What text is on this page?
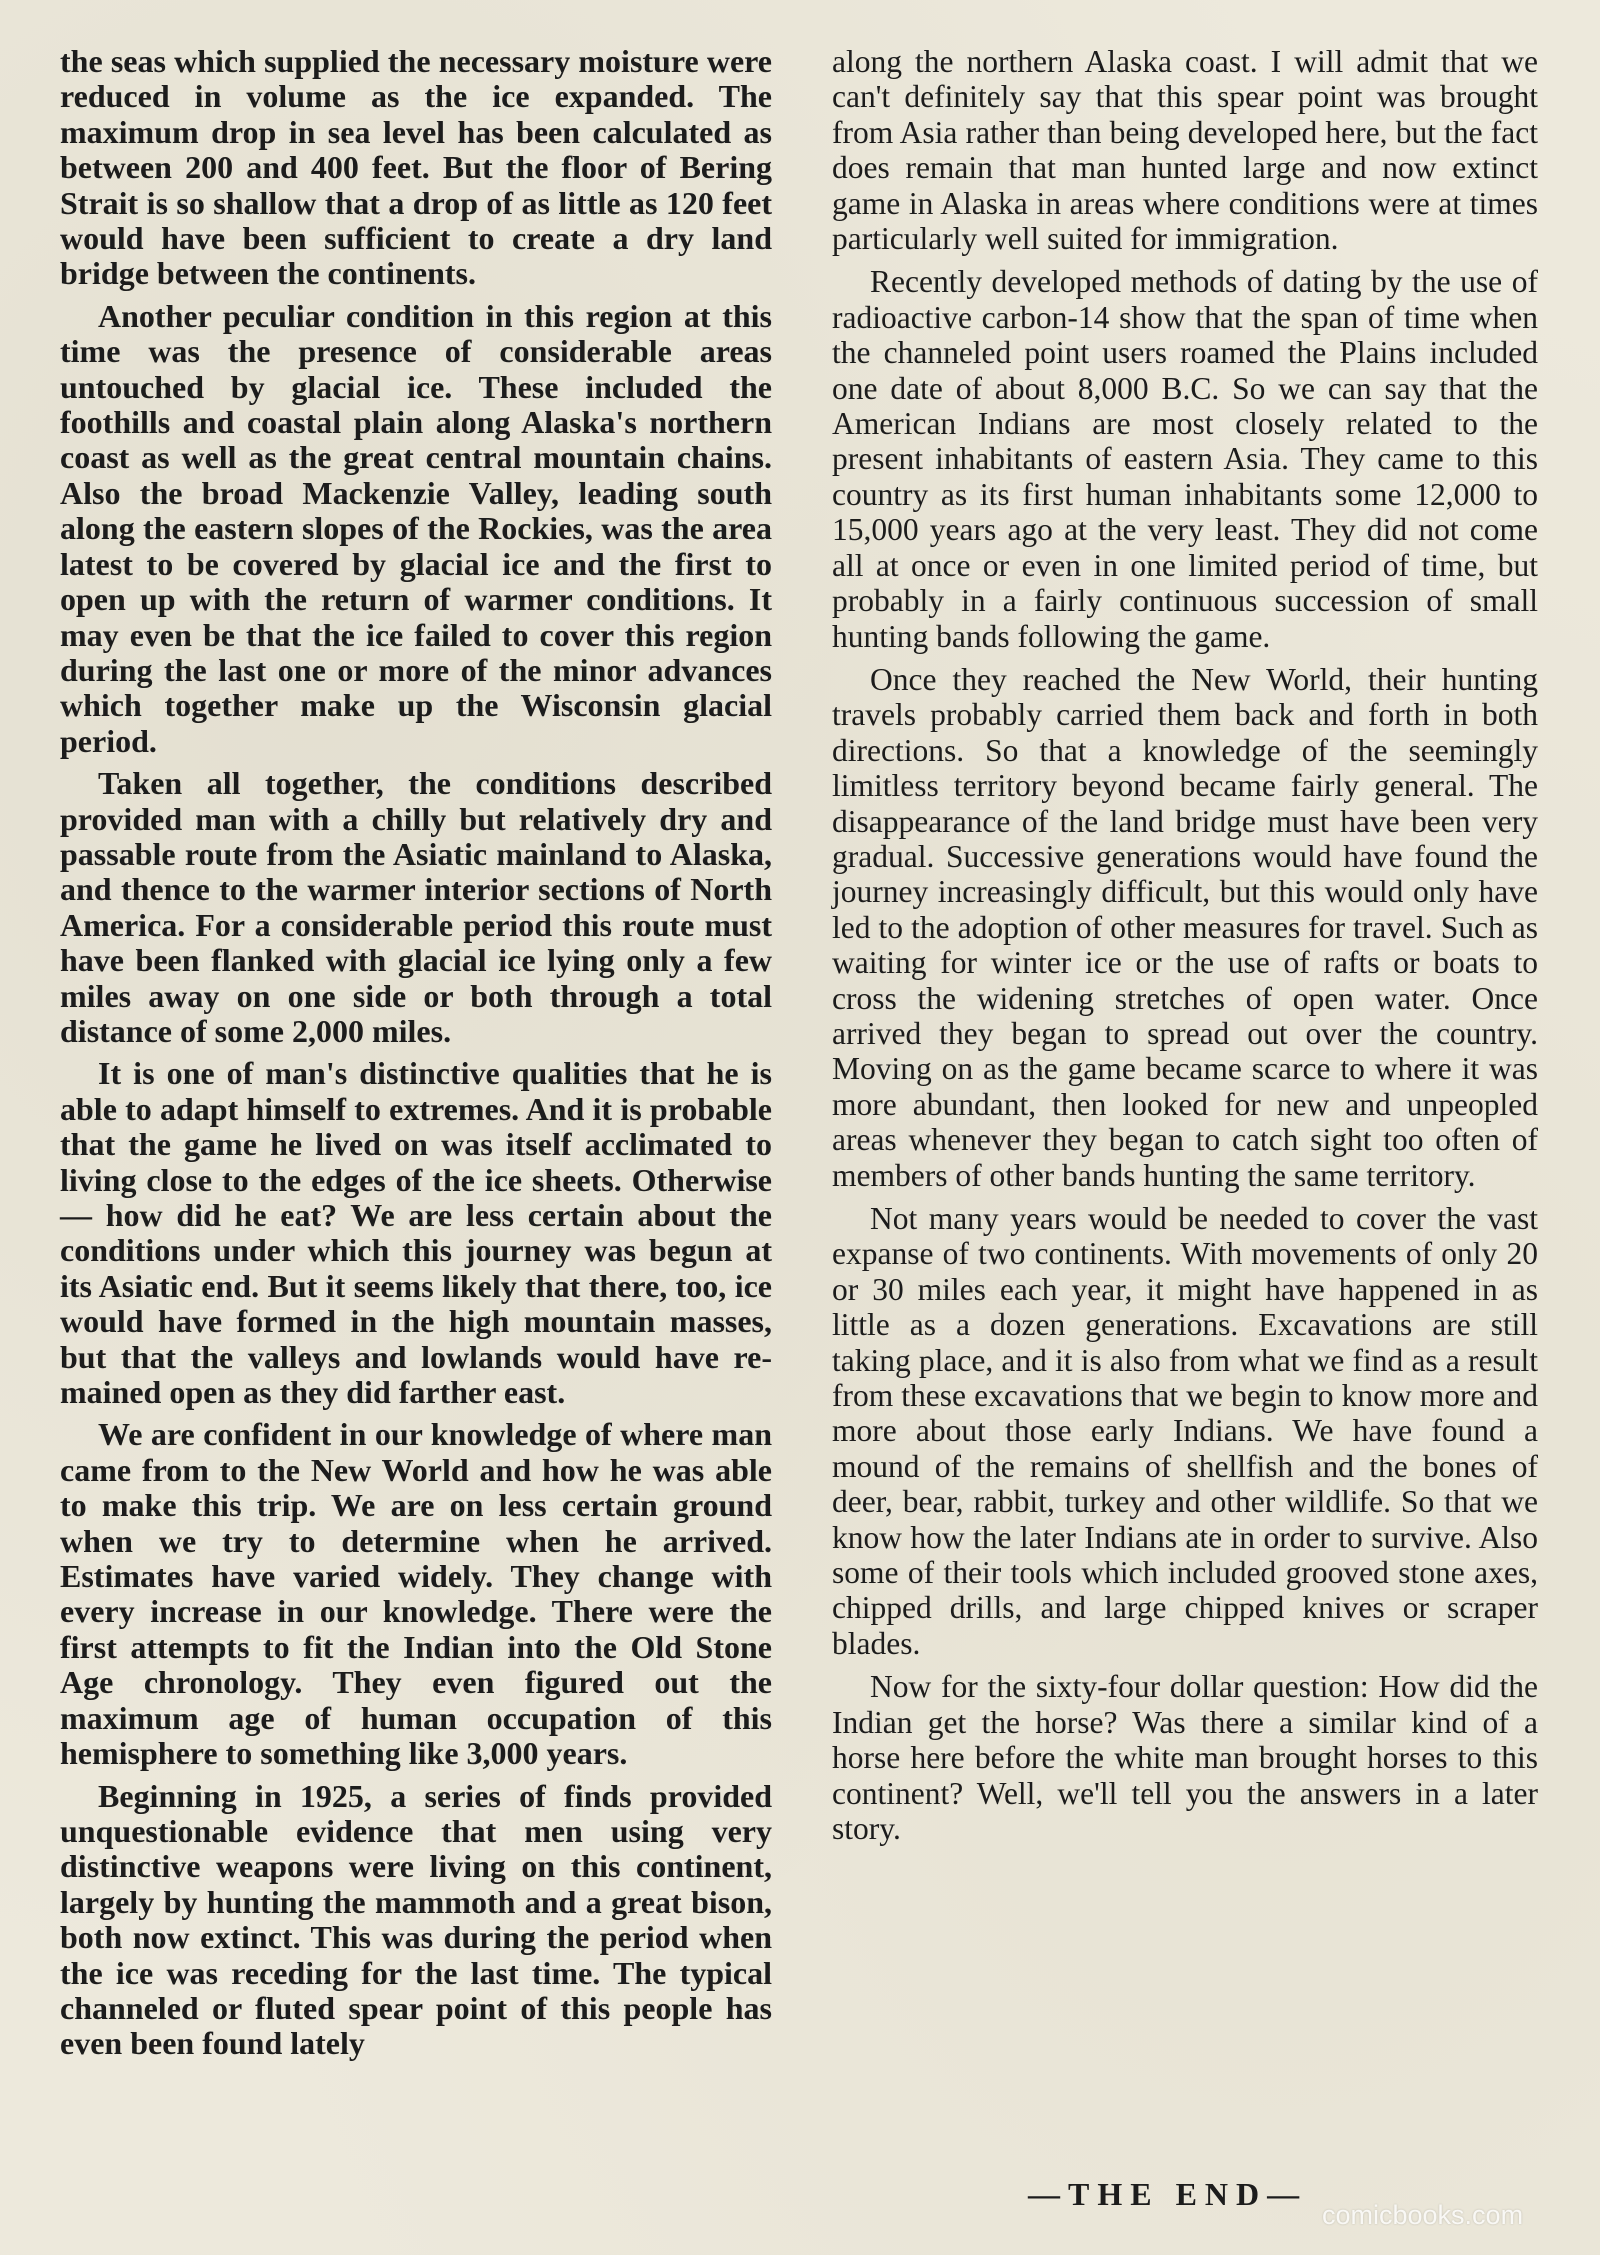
the seas which supplied the necessary moisture were reduced in volume as the ice expanded. The maximum drop in sea level has been calculated as between 200 and 400 feet. But the floor of Bering Strait is so shallow that a drop of as little as 120 feet would have been sufficient to create a dry land bridge between the continents.

Another peculiar condition in this region at this time was the presence of considerable areas untouched by glacial ice. These included the foothills and coastal plain along Alaska's northern coast as well as the great central mountain chains. Also the broad Mackenzie Valley, leading south along the eastern slopes of the Rockies, was the area latest to be covered by glacial ice and the first to open up with the return of warmer conditions. It may even be that the ice failed to cover this region during the last one or more of the minor advances which together make up the Wisconsin glacial period.

Taken all together, the conditions described provided man with a chilly but relatively dry and passable route from the Asiatic mainland to Alaska, and thence to the warmer interior sections of North America. For a considerable period this route must have been flanked with glacial ice lying only a few miles away on one side or both through a total distance of some 2,000 miles.

It is one of man's distinctive qualities that he is able to adapt himself to extremes. And it is probable that the game he lived on was itself acclimated to living close to the edges of the ice sheets. Otherwise — how did he eat? We are less certain about the conditions under which this journey was begun at its Asiatic end. But it seems likely that there, too, ice would have formed in the high mountain masses, but that the valleys and lowlands would have remained open as they did farther east.

We are confident in our knowledge of where man came from to the New World and how he was able to make this trip. We are on less certain ground when we try to determine when he arrived. Estimates have varied widely. They change with every increase in our knowledge. There were the first attempts to fit the Indian into the Old Stone Age chronology. They even figured out the maximum age of human occupation of this hemisphere to something like 3,000 years.

Beginning in 1925, a series of finds provided unquestionable evidence that men using very distinctive weapons were living on this continent, largely by hunting the mammoth and a great bison, both now extinct. This was during the period when the ice was receding for the last time. The typical channeled or fluted spear point of this people has even been found lately

along the northern Alaska coast. I will admit that we can't definitely say that this spear point was brought from Asia rather than being developed here, but the fact does remain that man hunted large and now extinct game in Alaska in areas where conditions were at times particularly well suited for immigration.

Recently developed methods of dating by the use of radioactive carbon-14 show that the span of time when the channeled point users roamed the Plains included one date of about 8,000 B.C. So we can say that the American Indians are most closely related to the present inhabitants of eastern Asia. They came to this country as its first human inhabitants some 12,000 to 15,000 years ago at the very least. They did not come all at once or even in one limited period of time, but probably in a fairly continuous succession of small hunting bands following the game.

Once they reached the New World, their hunting travels probably carried them back and forth in both directions. So that a knowledge of the seemingly limitless territory beyond became fairly general. The disappearance of the land bridge must have been very gradual. Successive generations would have found the journey increasingly difficult, but this would only have led to the adoption of other measures for travel. Such as waiting for winter ice or the use of rafts or boats to cross the widening stretches of open water. Once arrived they began to spread out over the country. Moving on as the game became scarce to where it was more abundant, then looked for new and unpeopled areas whenever they began to catch sight too often of members of other bands hunting the same territory.

Not many years would be needed to cover the vast expanse of two continents. With movements of only 20 or 30 miles each year, it might have happened in as little as a dozen generations. Excavations are still taking place, and it is also from what we find as a result from these excavations that we begin to know more and more about those early Indians. We have found a mound of the remains of shellfish and the bones of deer, bear, rabbit, turkey and other wildlife. So that we know how the later Indians ate in order to survive. Also some of their tools which included grooved stone axes, chipped drills, and large chipped knives or scraper blades.

Now for the sixty-four dollar question: How did the Indian get the horse? Was there a similar kind of a horse here before the white man brought horses to this continent? Well, we'll tell you the answers in a later story.

—THE END—
comicbooks.com
